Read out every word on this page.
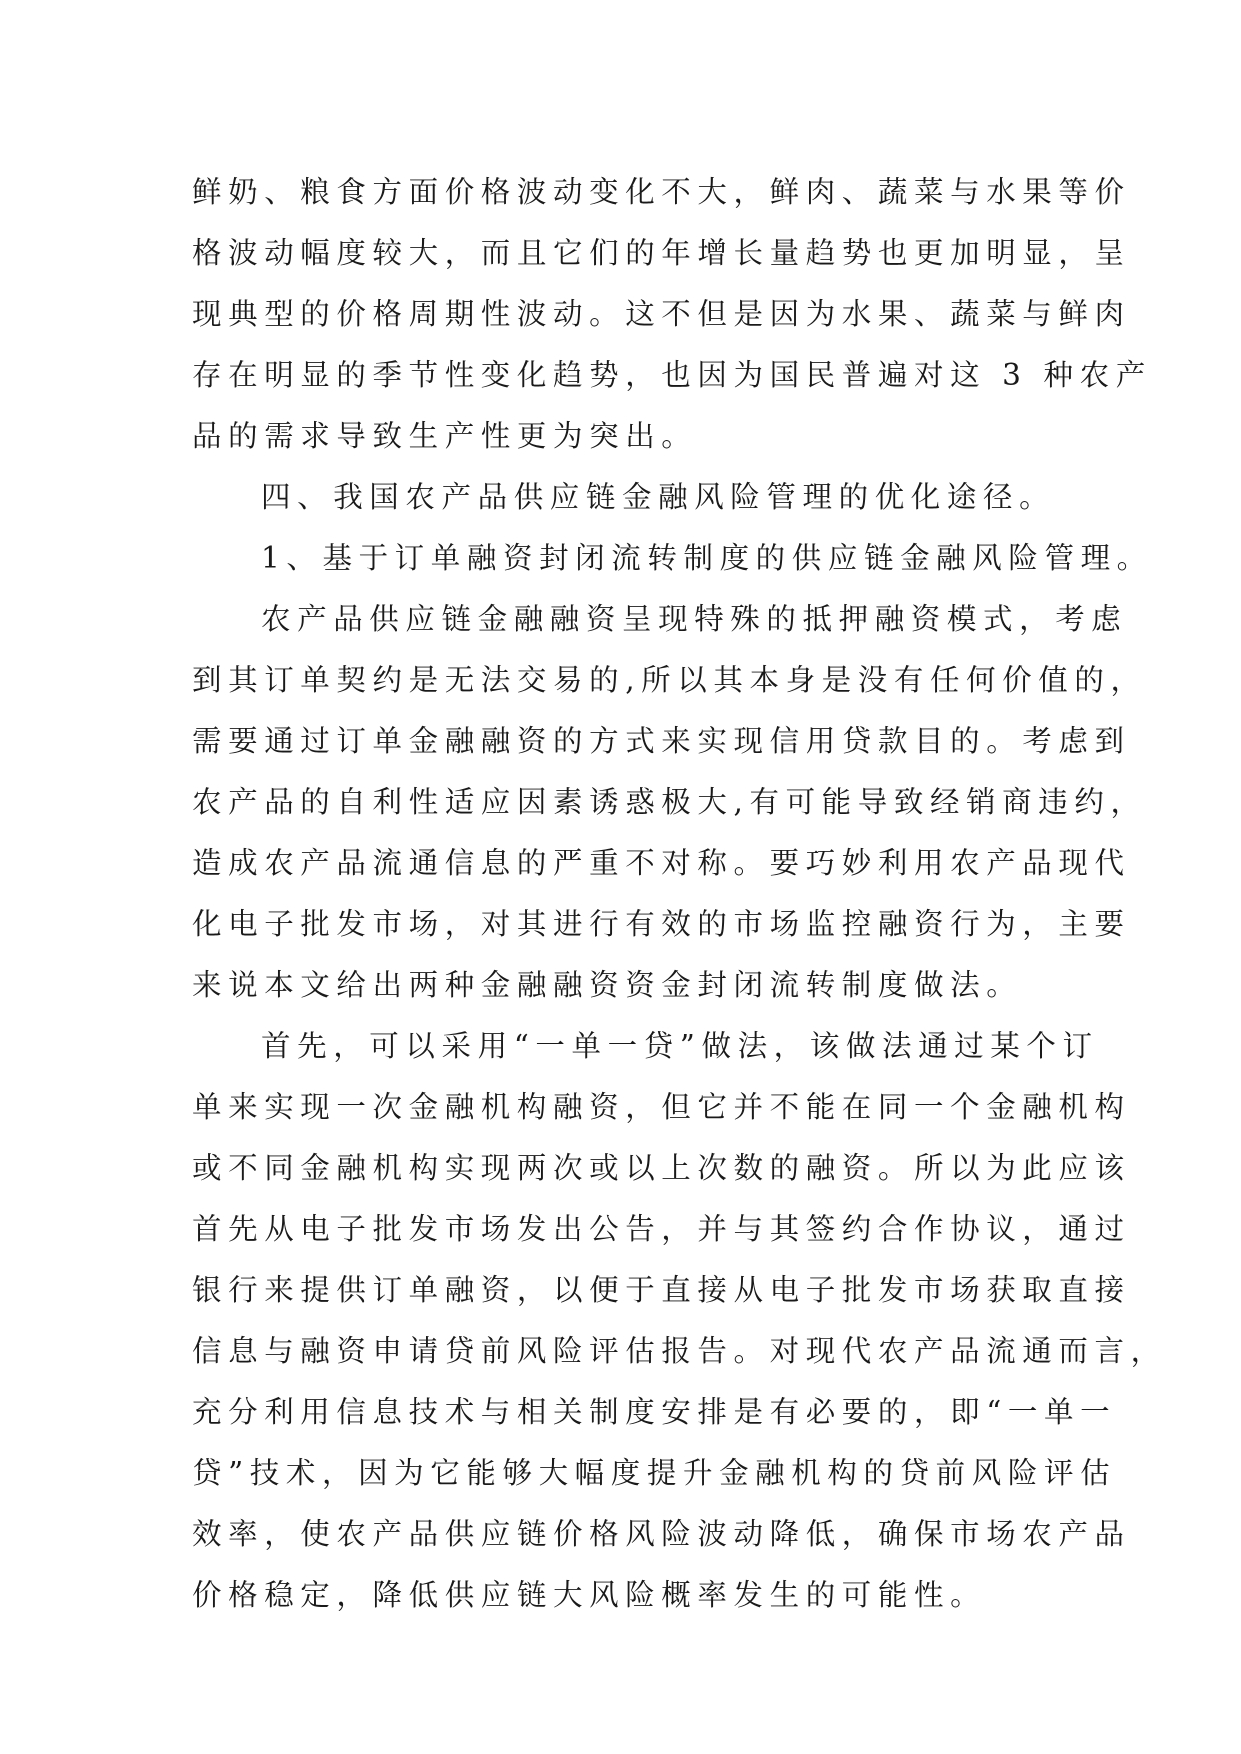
鲜奶、粮食方面价格波动变化不大，鲜肉、蔬菜与水果等价
格波动幅度较大，而且它们的年增长量趋势也更加明显，呈
现典型的价格周期性波动。这不但是因为水果、蔬菜与鲜肉
存在明显的季节性变化趋势，也因为国民普遍对这 3 种农产
品的需求导致生产性更为突出。
四、我国农产品供应链金融风险管理的优化途径。
1、基于订单融资封闭流转制度的供应链金融风险管理。
农产品供应链金融融资呈现特殊的抵押融资模式，考虑
到其订单契约是无法交易的,所以其本身是没有任何价值的，
需要通过订单金融融资的方式来实现信用贷款目的。考虑到
农产品的自利性适应因素诱惑极大,有可能导致经销商违约，
造成农产品流通信息的严重不对称。要巧妙利用农产品现代
化电子批发市场，对其进行有效的市场监控融资行为，主要
来说本文给出两种金融融资资金封闭流转制度做法。
首先，可以采用“一单一贷”做法，该做法通过某个订
单来实现一次金融机构融资，但它并不能在同一个金融机构
或不同金融机构实现两次或以上次数的融资。所以为此应该
首先从电子批发市场发出公告，并与其签约合作协议，通过
银行来提供订单融资，以便于直接从电子批发市场获取直接
信息与融资申请贷前风险评估报告。对现代农产品流通而言，
充分利用信息技术与相关制度安排是有必要的，即“一单一
贷”技术，因为它能够大幅度提升金融机构的贷前风险评估
效率，使农产品供应链价格风险波动降低，确保市场农产品
价格稳定，降低供应链大风险概率发生的可能性。
